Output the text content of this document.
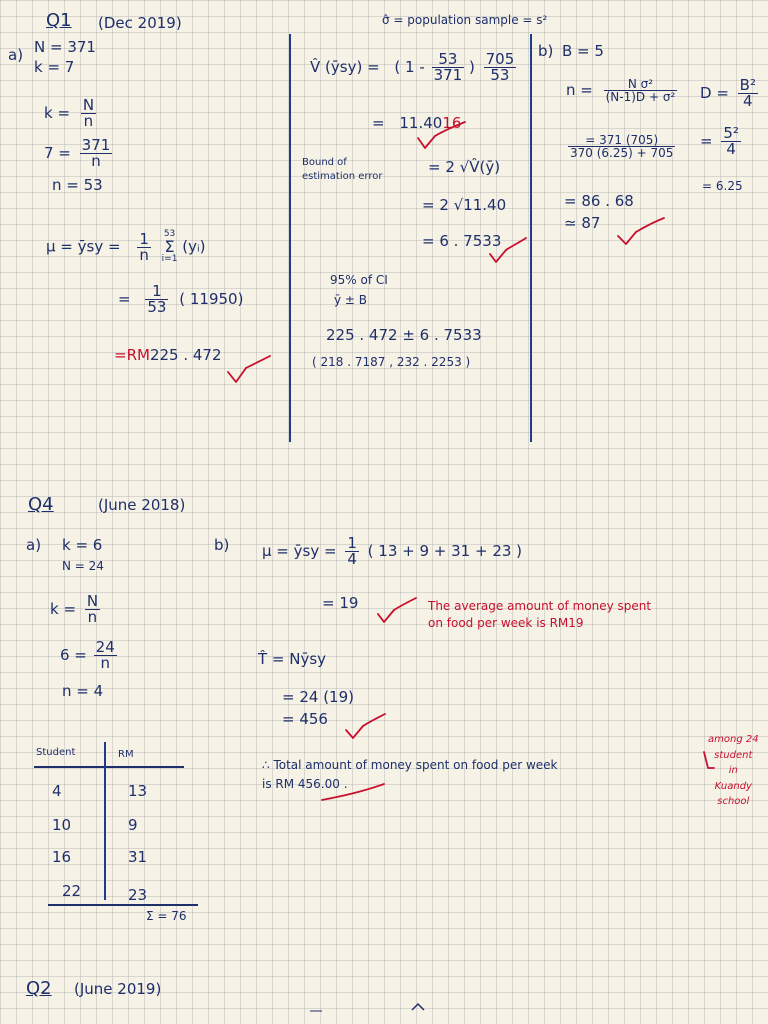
Q1 (Dec 2019)
a) N = 371
k = 7
$k = \frac{N}{n}$
$7 = \frac{371}{n}$
n = 53
μ = ȳsy = $\frac{1}{n}$
53
Σ
i=1
(yᵢ)
= $\frac{1}{53}$ ( 11950)
=RM225 . 472
σ̂ = population sample = s²
V̂ (ȳsy) = ( $1 - \frac{53}{371}$ ) $\frac{705}{53}$
= 11.4016
Bound of
estimation error
= 2 √V̂(ȳ)
= 2 √11.40
= 6 . 7533
95% of CI
ȳ ± B
225 . 472 ± 6 . 7533
( 218 . 7187 , 232 . 2253 )
b) B = 5
$n = \frac{\text{N σ²}}{\text{(N-1)D + σ²}}$ $D = \frac{\text{B²}}{4}$
$\frac{= 371 (705)}{370 (6.25) + 705} = \frac{\text{5²}}{4}$
= 6.25
= 86 . 68
≃ 87
Q4	(June 2018)
a) k = 6
N = 24
$k = \frac{N}{n}$
$6 = \frac{24}{n}$
n = 4
b) μ = ȳsy = $\frac{1}{4}$ ( 13 + 9 + 31 + 23 )
= 19	The average amount of money spent
on food per week is RM19
T̂ = Nȳsy
= 24 (19)
= 456
∴ Total amount of money spent on food per week
is RM 456.00 .
among 24
student
in
Kuandy
school
Student	RM
4	13
10	9
16	31
22	23
Σ = 76
Q2 (June 2019)
⎺
